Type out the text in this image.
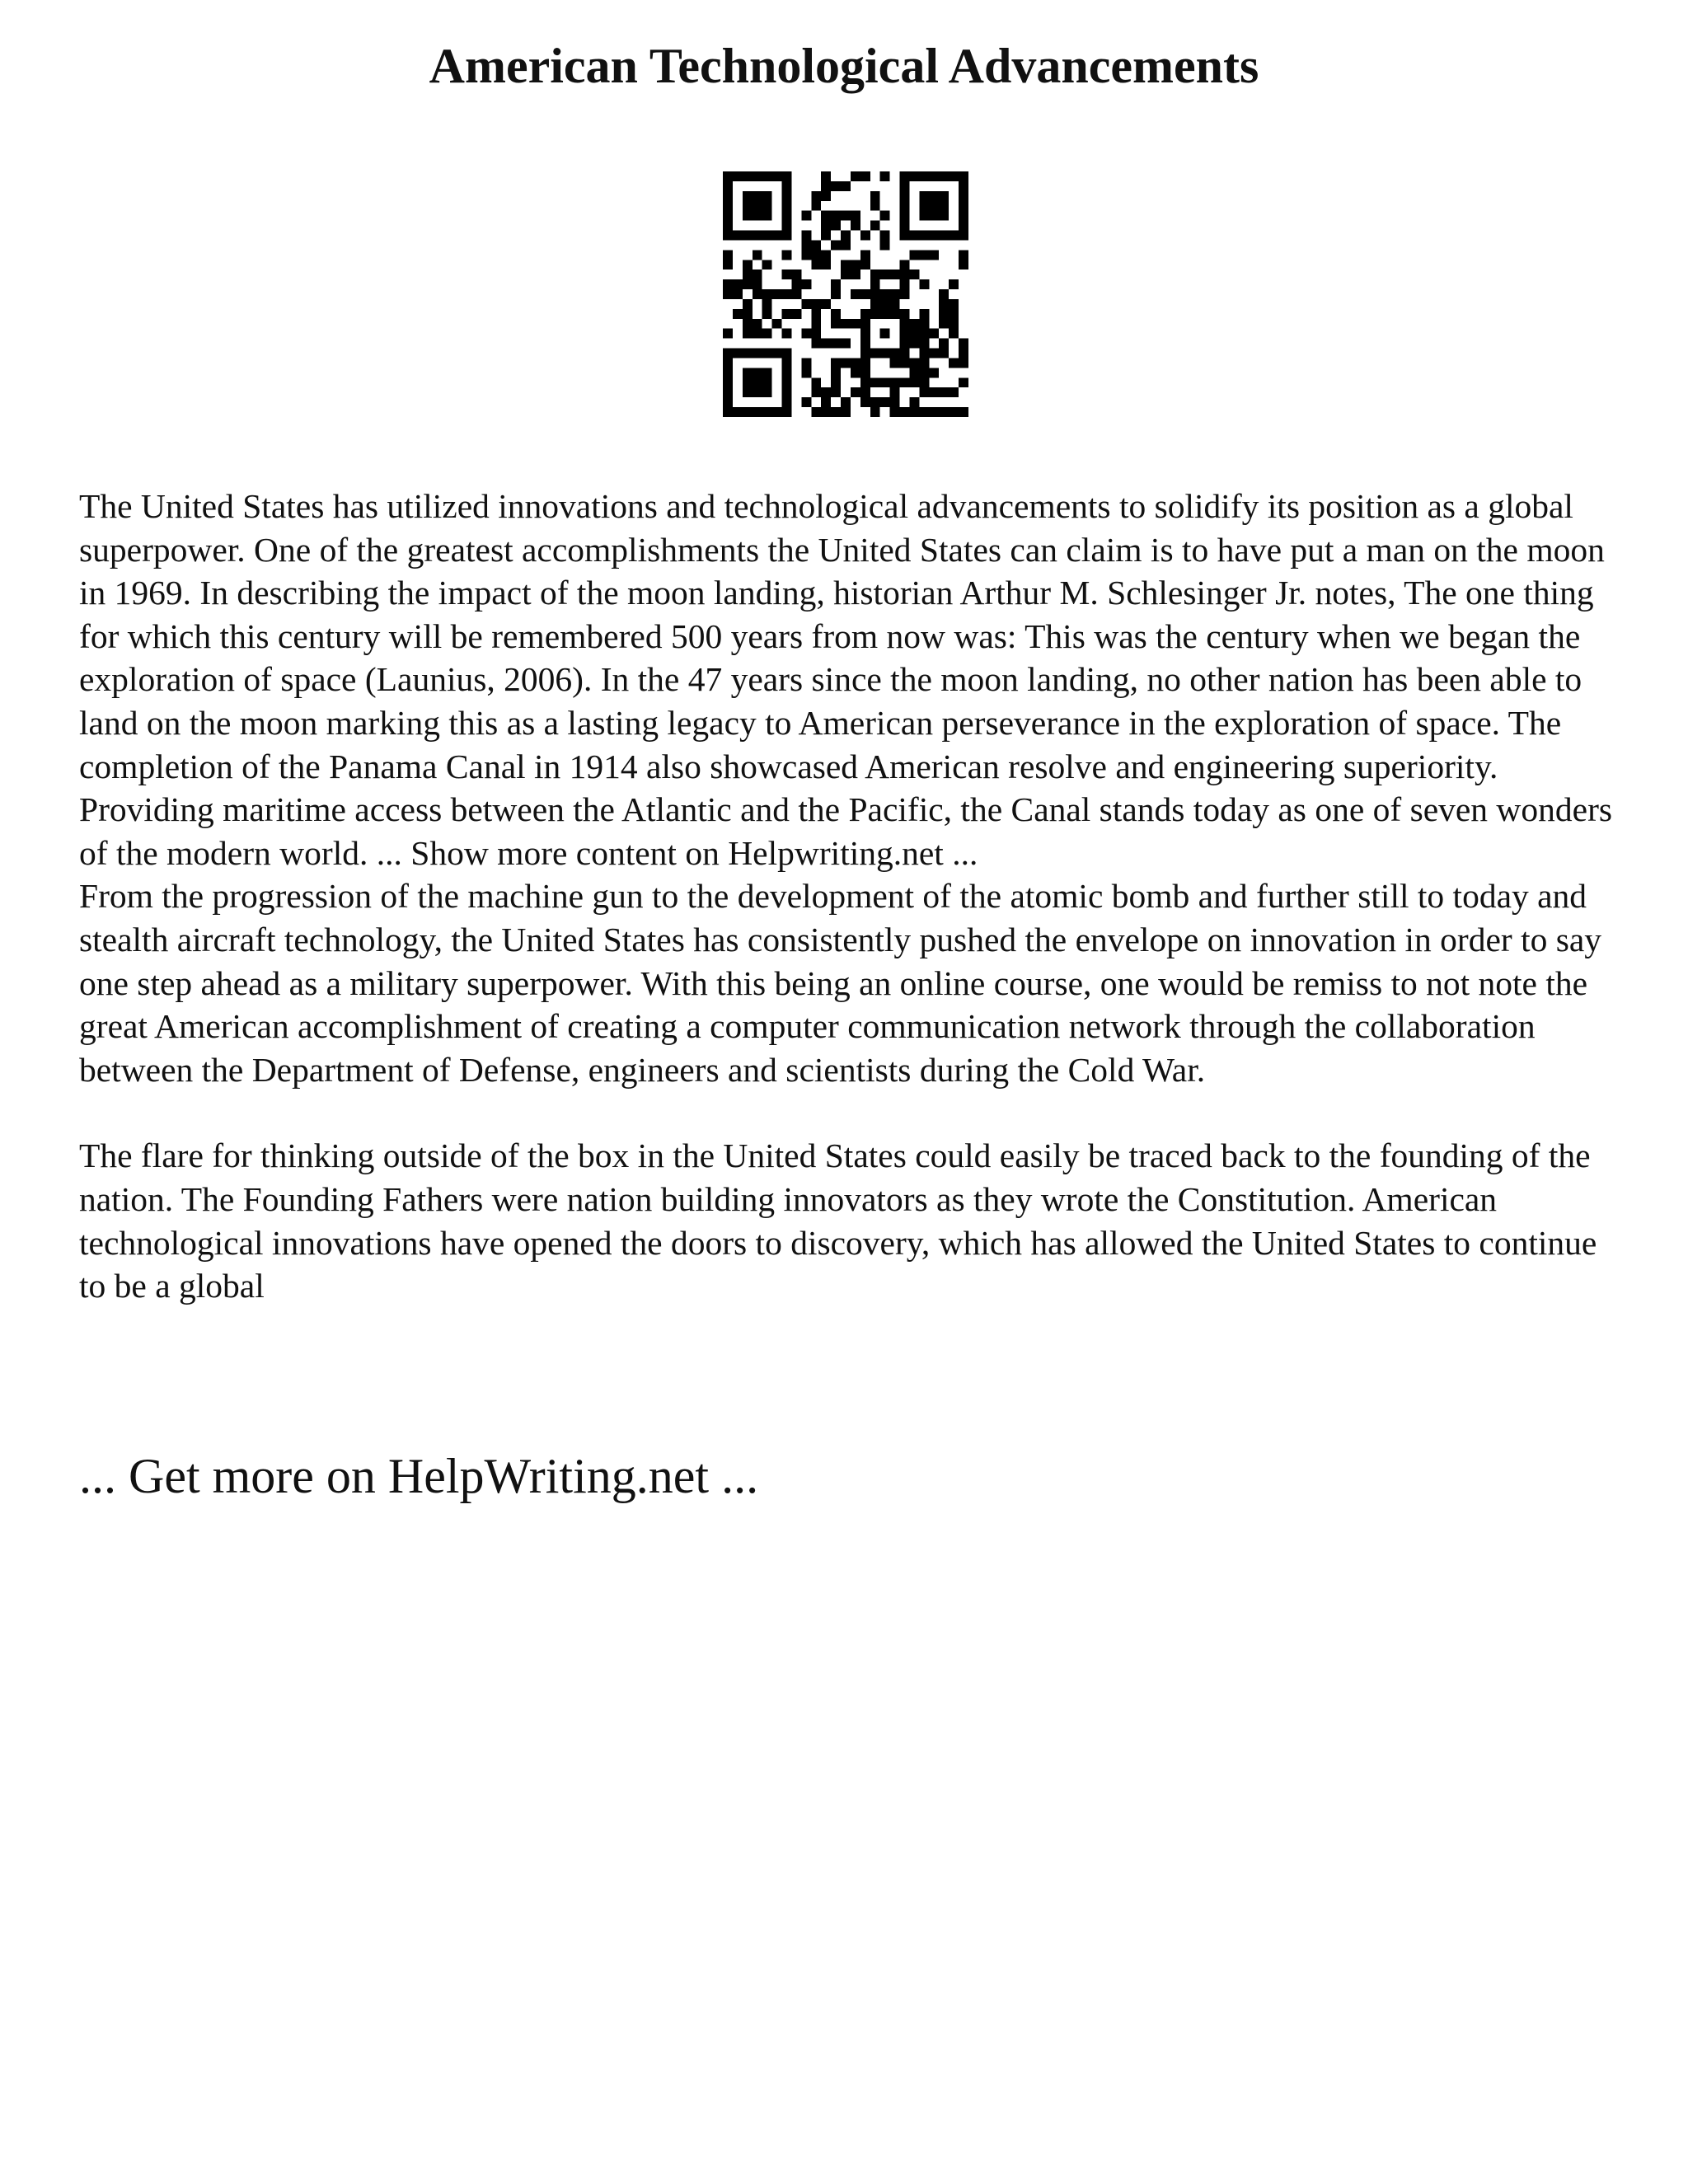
American Technological Advancements

The United States has utilized innovations and technological advancements to solidify its position as a global superpower. One of the greatest accomplishments the United States can claim is to have put a man on the moon in 1969. In describing the impact of the moon landing, historian Arthur M. Schlesinger Jr. notes, The one thing for which this century will be remembered 500 years from now was: This was the century when we began the exploration of space (Launius, 2006). In the 47 years since the moon landing, no other nation has been able to land on the moon marking this as a lasting legacy to American perseverance in the exploration of space. The completion of the Panama Canal in 1914 also showcased American resolve and engineering superiority. Providing maritime access between the Atlantic and the Pacific, the Canal stands today as one of seven wonders of the modern world. ... Show more content on Helpwriting.net ...

From the progression of the machine gun to the development of the atomic bomb and further still to today and stealth aircraft technology, the United States has consistently pushed the envelope on innovation in order to say one step ahead as a military superpower. With this being an online course, one would be remiss to not note the great American accomplishment of creating a computer communication network through the collaboration between the Department of Defense, engineers and scientists during the Cold War.

The flare for thinking outside of the box in the United States could easily be traced back to the founding of the nation. The Founding Fathers were nation building innovators as they wrote the Constitution. American technological innovations have opened the doors to discovery, which has allowed the United States to continue to be a global

... Get more on HelpWriting.net ...
